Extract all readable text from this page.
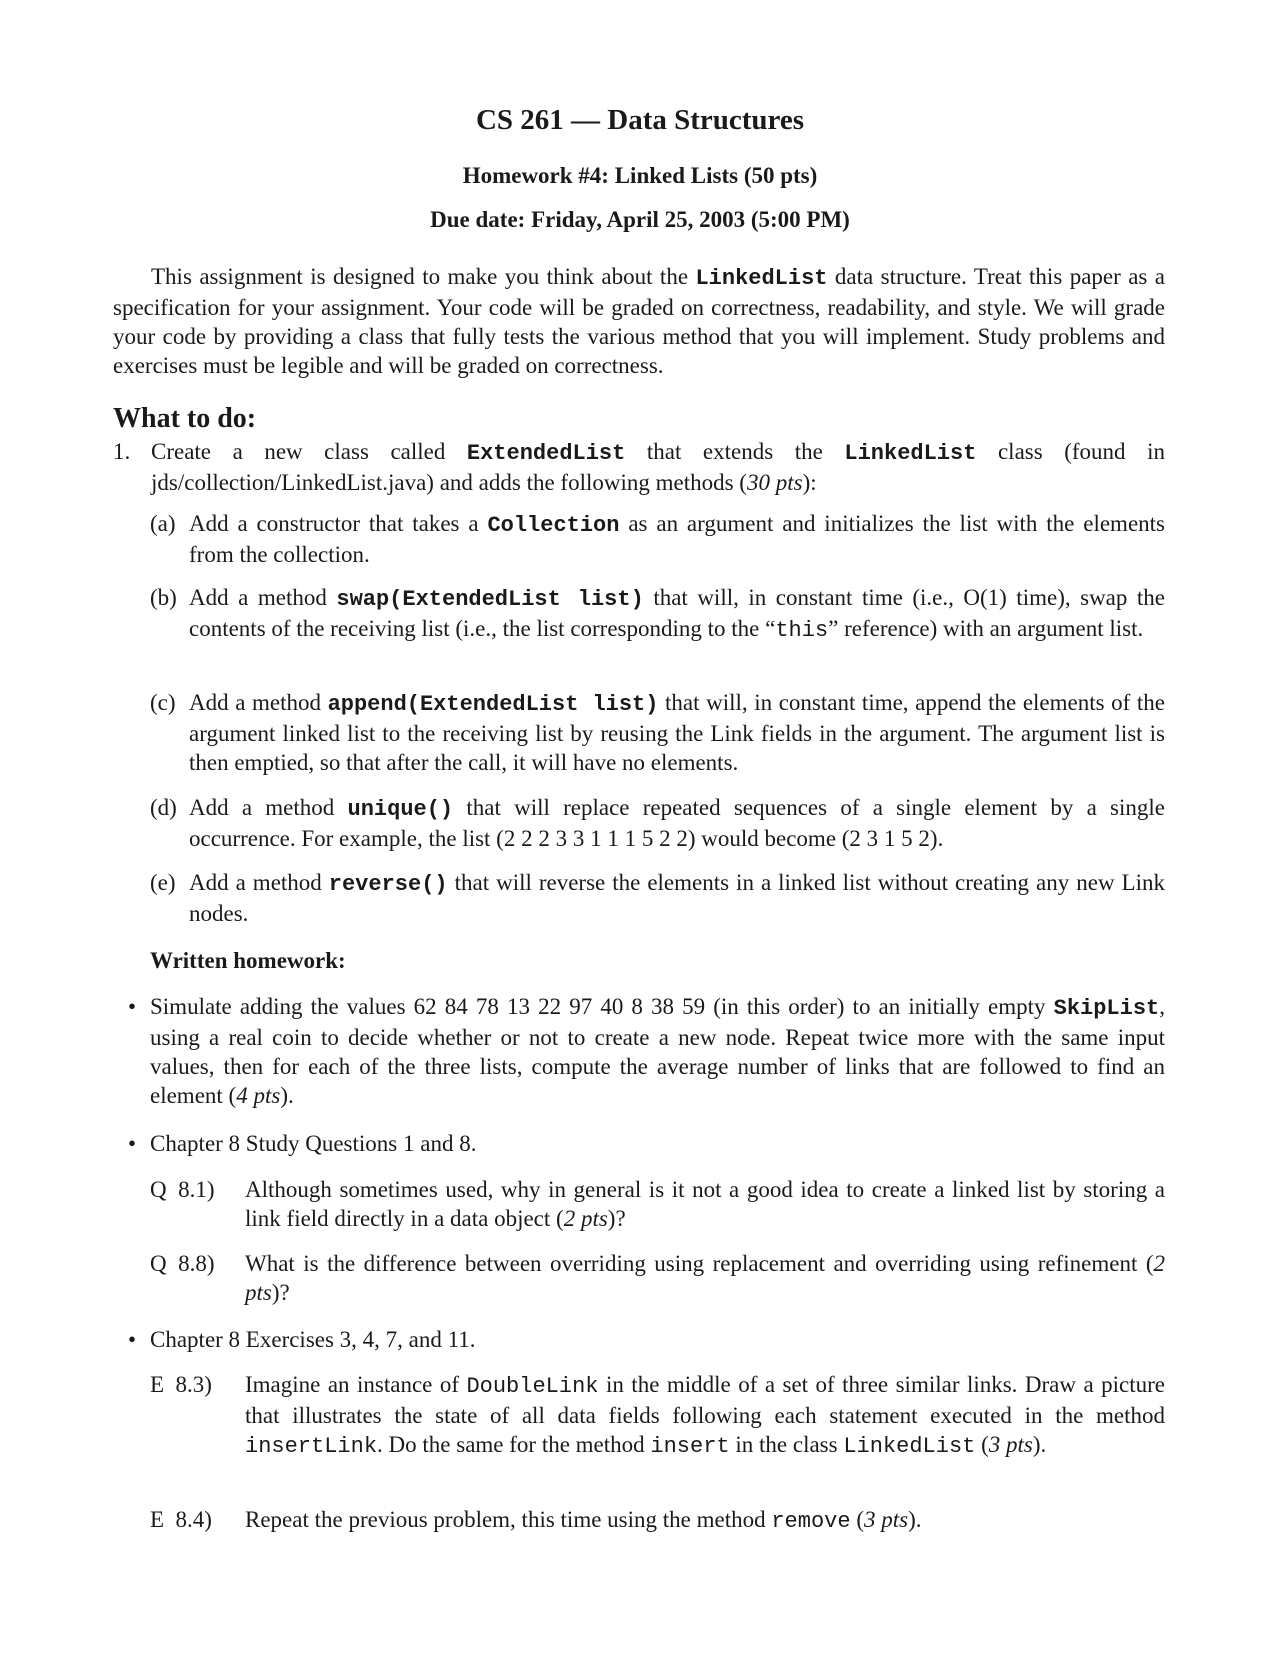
CS 261 — Data Structures
Homework #4: Linked Lists (50 pts)
Due date: Friday, April 25, 2003 (5:00 PM)

This assignment is designed to make you think about the LinkedList data structure. Treat this paper as a specification for your assignment. Your code will be graded on correctness, readability, and style. We will grade your code by providing a class that fully tests the various method that you will implement. Study problems and exercises must be legible and will be graded on correctness.

What to do:
1. Create a new class called ExtendedList that extends the LinkedList class (found in jds/collection/LinkedList.java) and adds the following methods (30 pts):
(a) Add a constructor that takes a Collection as an argument and initializes the list with the elements from the collection.
(b) Add a method swap(ExtendedList list) that will, in constant time (i.e., O(1) time), swap the contents of the receiving list (i.e., the list corresponding to the “this” reference) with an argument list.
(c) Add a method append(ExtendedList list) that will, in constant time, append the elements of the argument linked list to the receiving list by reusing the Link fields in the argument. The argument list is then emptied, so that after the call, it will have no elements.
(d) Add a method unique() that will replace repeated sequences of a single element by a single occurrence. For example, the list (2 2 2 3 3 1 1 1 5 2 2) would become (2 3 1 5 2).
(e) Add a method reverse() that will reverse the elements in a linked list without creating any new Link nodes.
Written homework:
• Simulate adding the values 62 84 78 13 22 97 40 8 38 59 (in this order) to an initially empty SkipList, using a real coin to decide whether or not to create a new node. Repeat twice more with the same input values, then for each of the three lists, compute the average number of links that are followed to find an element (4 pts).
• Chapter 8 Study Questions 1 and 8.
Q  8.1) Although sometimes used, why in general is it not a good idea to create a linked list by storing a link field directly in a data object (2 pts)?
Q  8.8) What is the difference between overriding using replacement and overriding using refinement (2 pts)?
• Chapter 8 Exercises 3, 4, 7, and 11.
E  8.3) Imagine an instance of DoubleLink in the middle of a set of three similar links. Draw a picture that illustrates the state of all data fields following each statement executed in the method insertLink. Do the same for the method insert in the class LinkedList (3 pts).
E  8.4) Repeat the previous problem, this time using the method remove (3 pts).
